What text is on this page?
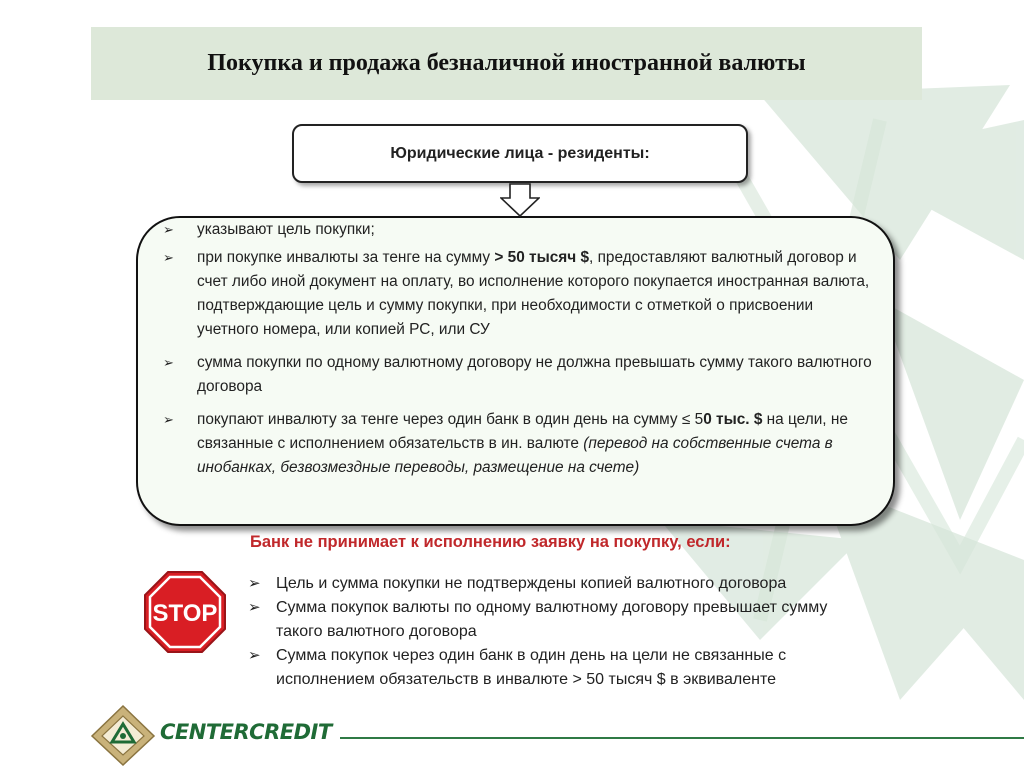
Покупка и продажа безналичной иностранной валюты
Юридические лица - резиденты:
➢ указывают цель покупки;
➢ при покупке инвалюты за тенге на сумму > 50 тысяч $, предоставляют валютный договор и счет либо иной документ на оплату, во исполнение которого покупается иностранная валюта, подтверждающие цель и сумму покупки, при необходимости с отметкой о присвоении учетного номера, или копией РС, или СУ
➢ сумма покупки по одному валютному договору не должна превышать сумму такого валютного договора
➢ покупают инвалюту за тенге через один банк в один день на сумму ≤ 50 тыс. $ на цели, не связанные с исполнением обязательств в ин. валюте (перевод на собственные счета в инобанках, безвозмездные переводы, размещение на счете)
Банк не принимает к исполнению заявку на покупку, если:
STOP
➢ Цель и сумма покупки не подтверждены копией валютного договора
➢ Сумма покупок валюты по одному валютному договору превышает сумму такого валютного договора
➢ Сумма покупок через один банк в один день на цели не связанные с исполнением обязательств в инвалюте > 50 тысяч $ в эквиваленте
CENTERCREDIT
